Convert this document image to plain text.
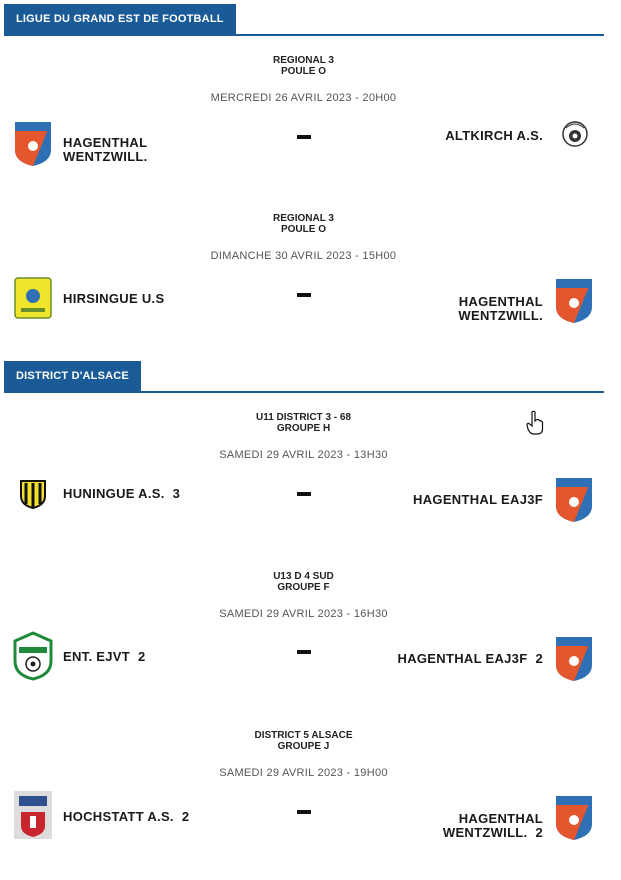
LIGUE DU GRAND EST DE FOOTBALL
REGIONAL 3
POULE O
MERCREDI 26 AVRIL 2023 - 20H00
HAGENTHAL
WENTZWILL.
ALTKIRCH A.S.
REGIONAL 3
POULE O
DIMANCHE 30 AVRIL 2023 - 15H00
HIRSINGUE U.S	HAGENTHAL
WENTZWILL.
DISTRICT D'ALSACE
U11 DISTRICT 3 - 68
GROUPE H
SAMEDI 29 AVRIL 2023 - 13H30
HUNINGUE A.S. 3	HAGENTHAL EAJ3F
U13 D 4 SUD
GROUPE F
SAMEDI 29 AVRIL 2023 - 16H30
ENT. EJVT 2	HAGENTHAL EAJ3F 2
DISTRICT 5 ALSACE
GROUPE J
SAMEDI 29 AVRIL 2023 - 19H00
HOCHSTATT A.S. 2	HAGENTHAL
WENTZWILL. 2
